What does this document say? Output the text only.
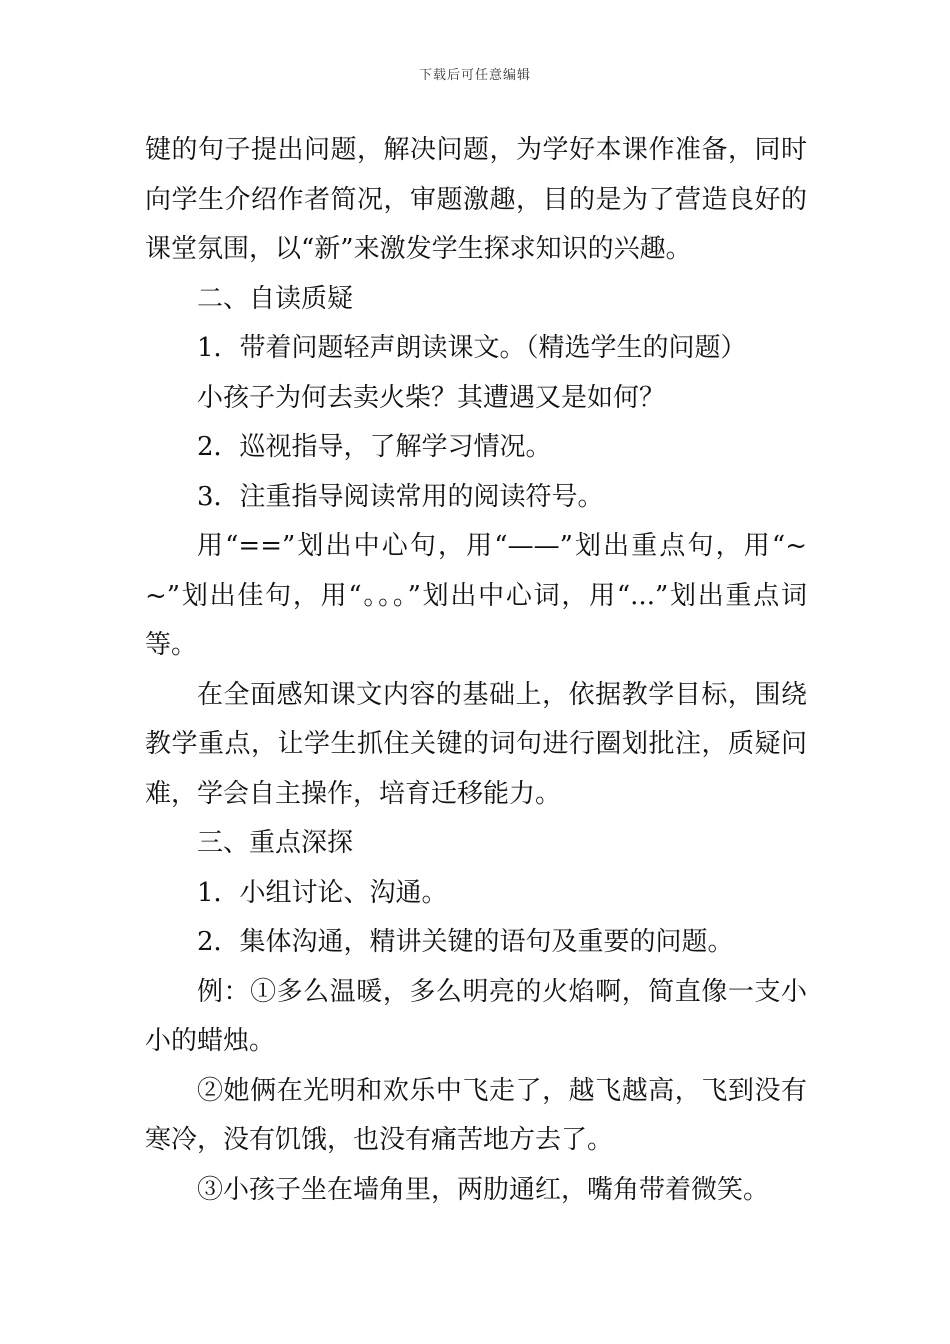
下载后可任意编辑

键的句子提出问题，解决问题，为学好本课作准备，同时向学生介绍作者简况，审题激趣，目的是为了营造良好的课堂氛围，以“新”来激发学生探求知识的兴趣。

二、自读质疑

1．带着问题轻声朗读课文。（精选学生的问题）

小孩子为何去卖火柴？其遭遇又是如何？

2．巡视指导，了解学习情况。

3．注重指导阅读常用的阅读符号。

用“==”划出中心句，用“——”划出重点句，用“~~”划出佳句，用“。。。”划出中心词，用“...”划出重点词等。

在全面感知课文内容的基础上，依据教学目标，围绕教学重点，让学生抓住关键的词句进行圈划批注，质疑问难，学会自主操作，培育迁移能力。

三、重点深探

1．小组讨论、沟通。

2．集体沟通，精讲关键的语句及重要的问题。

例：①多么温暖，多么明亮的火焰啊，简直像一支小小的蜡烛。

②她俩在光明和欢乐中飞走了，越飞越高，飞到没有寒冷，没有饥饿，也没有痛苦地方去了。

③小孩子坐在墙角里，两肋通红，嘴角带着微笑。
